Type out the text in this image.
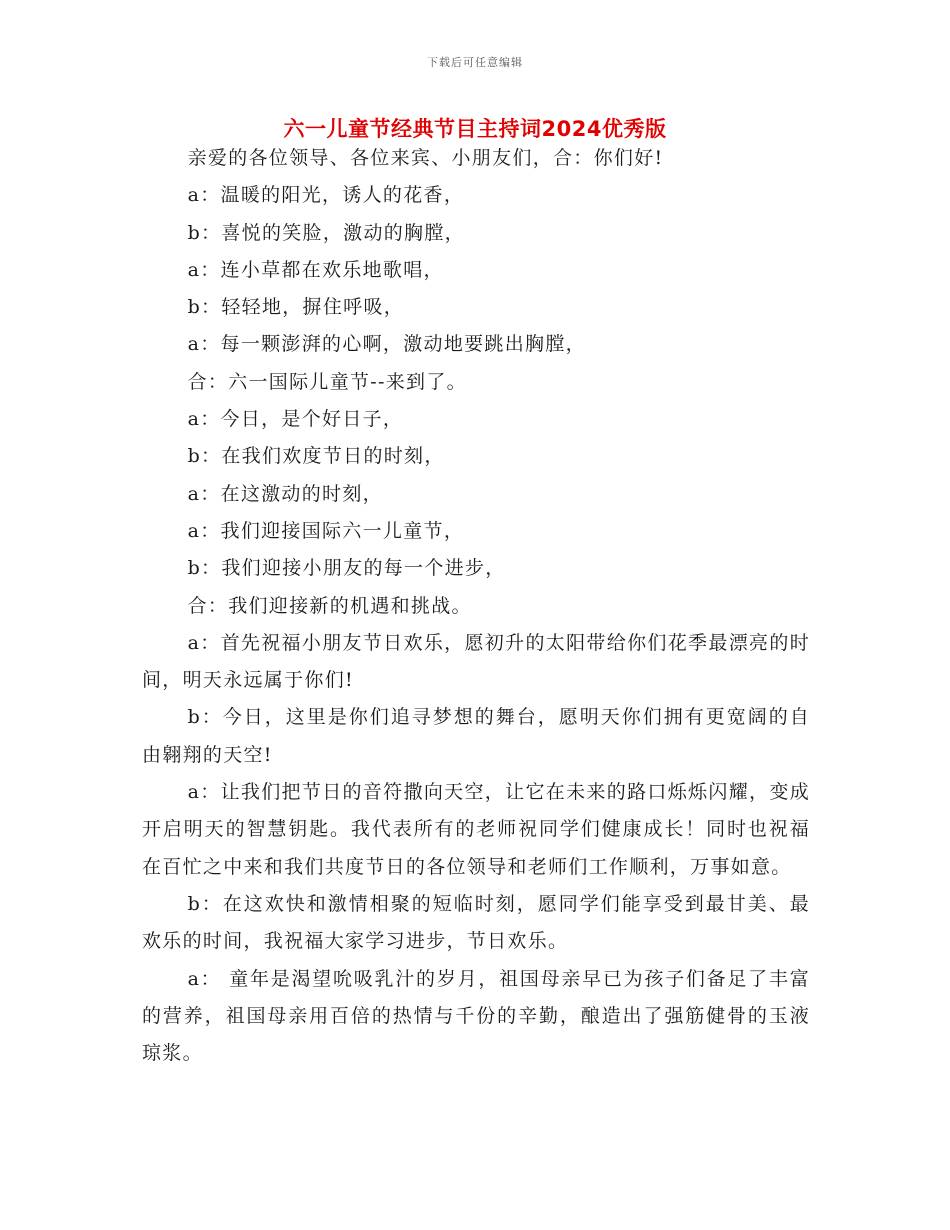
下载后可任意编辑
六一儿童节经典节目主持词2024优秀版

亲爱的各位领导、各位来宾、小朋友们，合：你们好!

a：温暖的阳光，诱人的花香，

b：喜悦的笑脸，激动的胸膛，

a：连小草都在欢乐地歌唱，

b：轻轻地，摒住呼吸，

a：每一颗澎湃的心啊，激动地要跳出胸膛，

合：六一国际儿童节--来到了。

a：今日，是个好日子，

b：在我们欢度节日的时刻，

a：在这激动的时刻，

a：我们迎接国际六一儿童节，

b：我们迎接小朋友的每一个进步，

合：我们迎接新的机遇和挑战。

a：首先祝福小朋友节日欢乐，愿初升的太阳带给你们花季最漂亮的时间，明天永远属于你们!

b：今日，这里是你们追寻梦想的舞台，愿明天你们拥有更宽阔的自由翱翔的天空!

a：让我们把节日的音符撒向天空，让它在未来的路口烁烁闪耀，变成开启明天的智慧钥匙。我代表所有的老师祝同学们健康成长！同时也祝福在百忙之中来和我们共度节日的各位领导和老师们工作顺利，万事如意。

b：在这欢快和激情相聚的短临时刻，愿同学们能享受到最甘美、最欢乐的时间，我祝福大家学习进步，节日欢乐。

a： 童年是渴望吮吸乳汁的岁月，祖国母亲早已为孩子们备足了丰富的营养，祖国母亲用百倍的热情与千份的辛勤，酿造出了强筋健骨的玉液琼浆。
